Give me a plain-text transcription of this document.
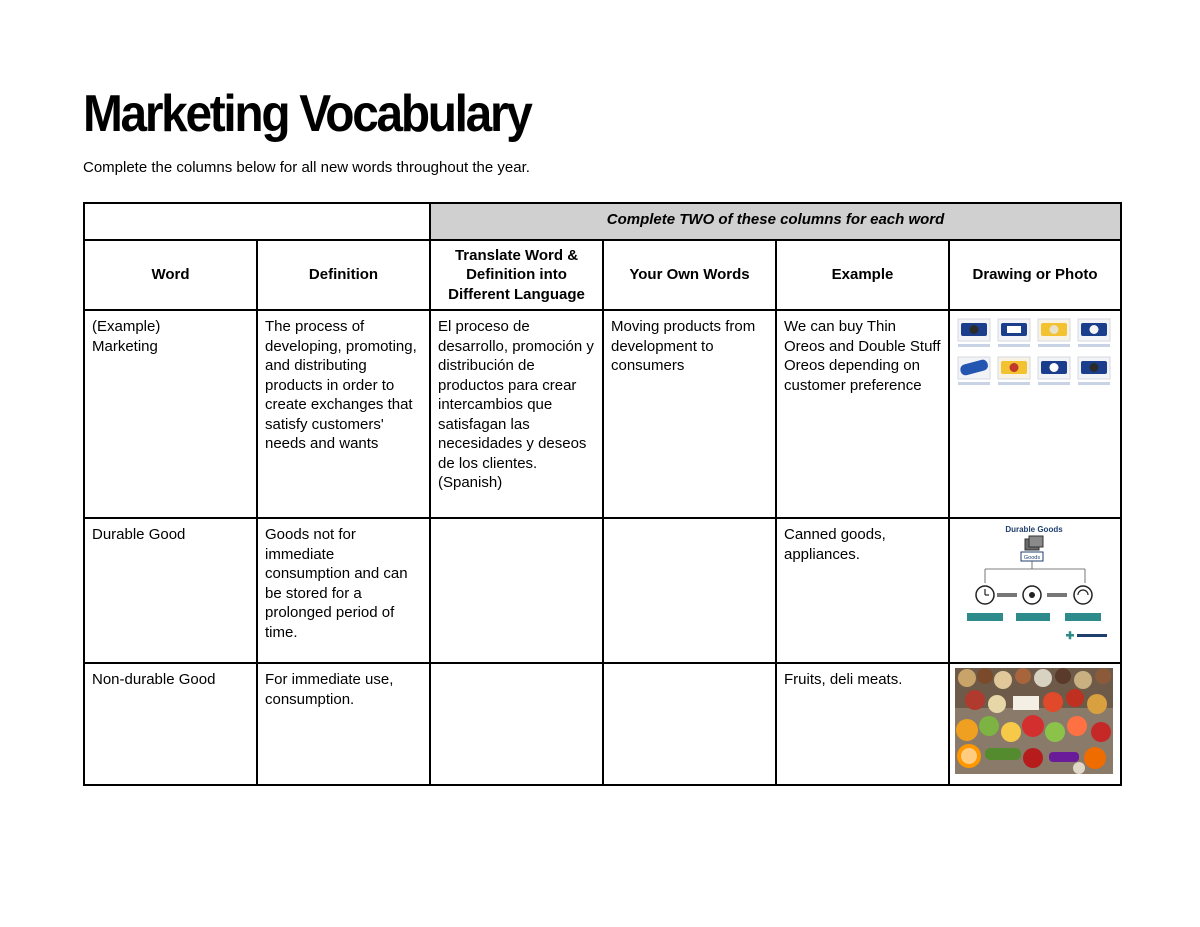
Marketing Vocabulary

Complete the columns below for all new words throughout the year.

		Complete TWO of these columns for each word			
Word	Definition	Translate Word & Definition into Different Language	Your Own Words	Example	Drawing or Photo

(Example)
Marketing	The process of developing, promoting, and distributing products in order to create exchanges that satisfy customers' needs and wants	El proceso de desarrollo, promoción y distribución de productos para crear intercambios que satisfagan las necesidades y deseos de los clientes. (Spanish)	Moving products from development to consumers	We can buy Thin Oreos and Double Stuff Oreos depending on customer preference	

Durable Good	Goods not for immediate consumption and can be stored for a prolonged period of time.			Canned goods, appliances.	Durable Goods
Goods

Non-durable Good	For immediate use, consumption.			Fruits, deli meats.	
